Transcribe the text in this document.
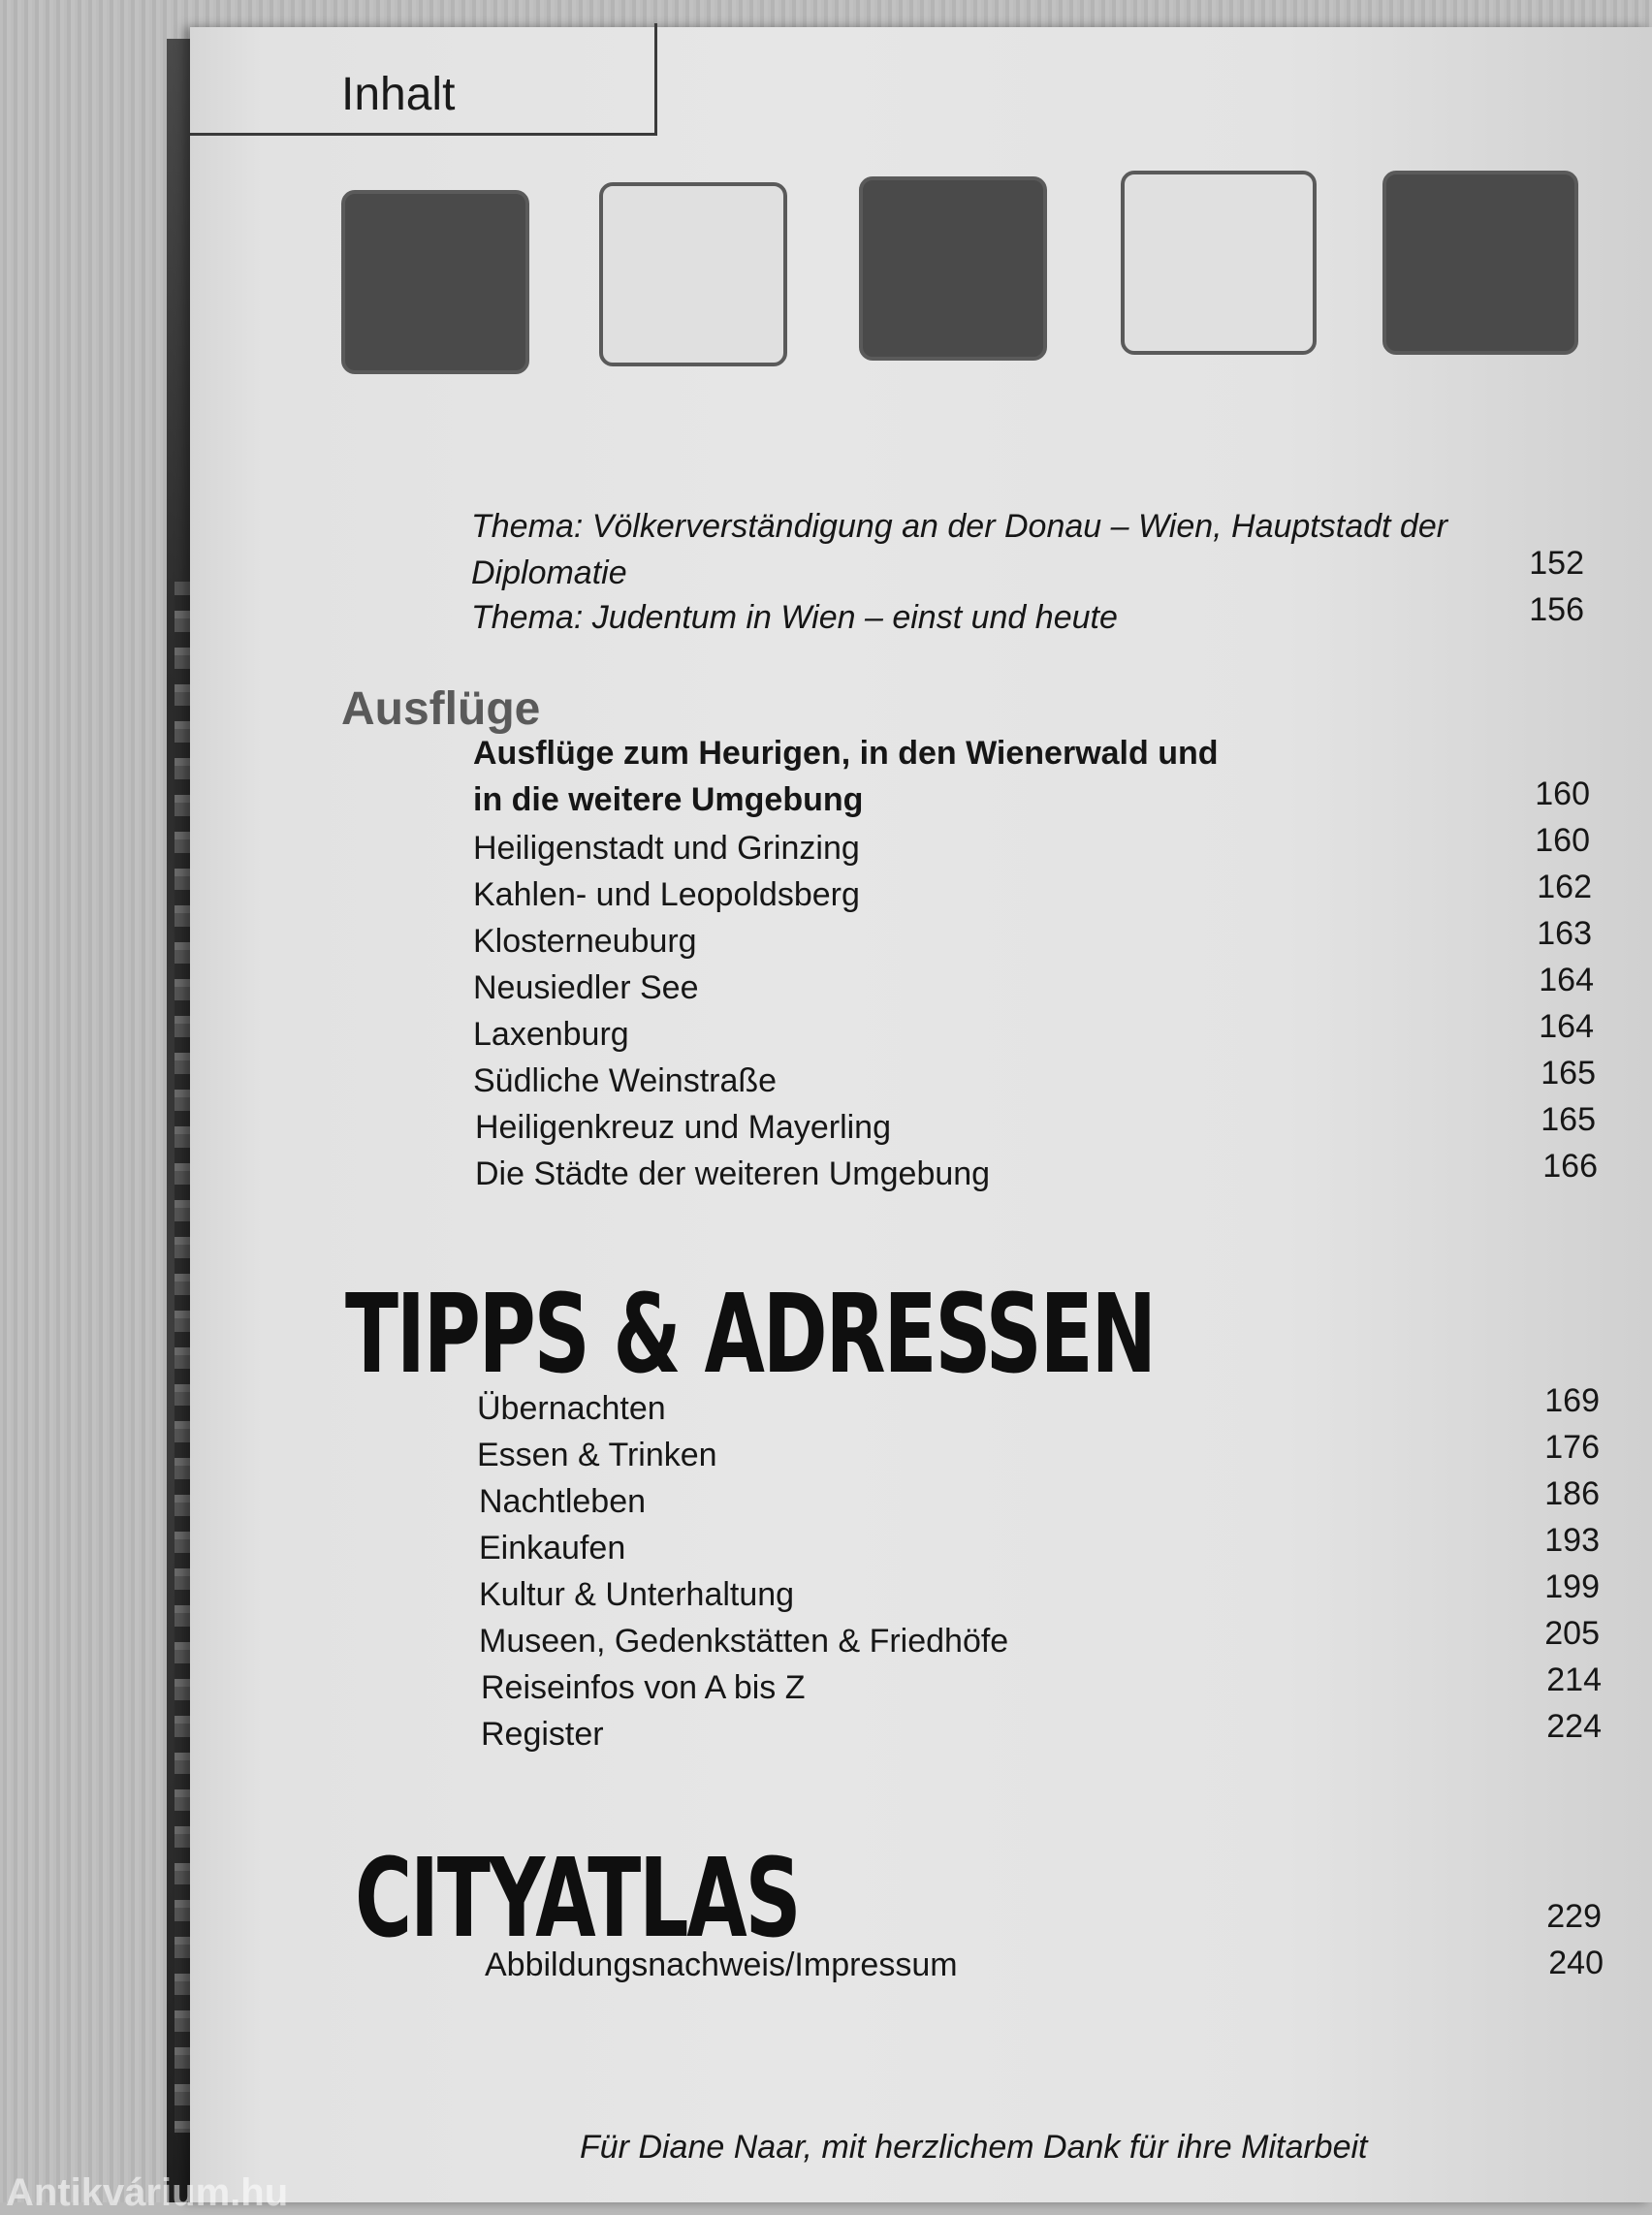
Inhalt
Thema: Völkerverständigung an der Donau – Wien, Hauptstadt der
Diplomatie	152
Thema: Judentum in Wien – einst und heute	156
Ausflüge
Ausflüge zum Heurigen, in den Wienerwald und
in die weitere Umgebung	160
Heiligenstadt und Grinzing	160
Kahlen- und Leopoldsberg	162
Klosterneuburg	163
Neusiedler See	164
Laxenburg	164
Südliche Weinstraße	165
Heiligenkreuz und Mayerling	165
Die Städte der weiteren Umgebung	166
TIPPS & ADRESSEN
Übernachten	169
Essen & Trinken	176
Nachtleben	186
Einkaufen	193
Kultur & Unterhaltung	199
Museen, Gedenkstätten & Friedhöfe	205
Reiseinfos von A bis Z	214
Register	224
CITYATLAS	229
Abbildungsnachweis/Impressum	240
Für Diane Naar, mit herzlichem Dank für ihre Mitarbeit
Antikvárium.hu
